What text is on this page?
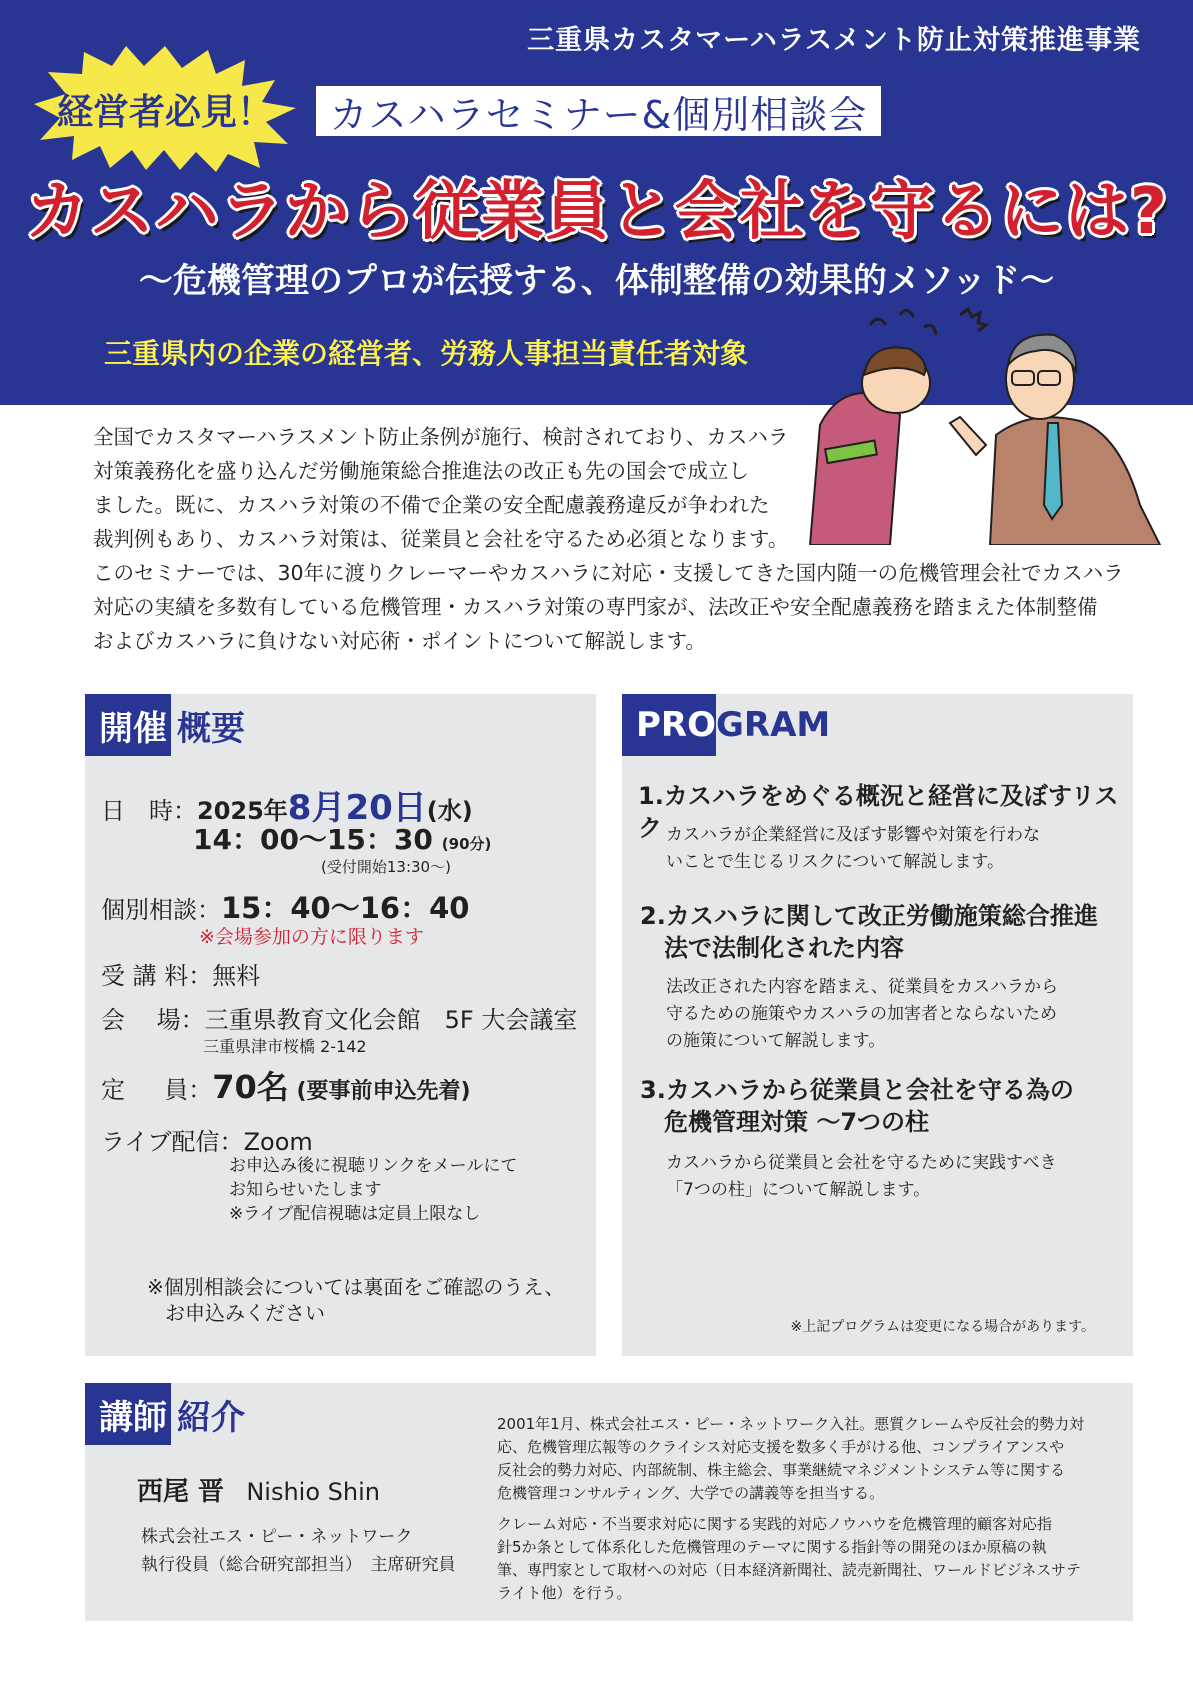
三重県カスタマーハラスメント防止対策推進事業
経営者必見！	カスハラセミナー&個別相談会
カスハラから従業員と会社を守るには?
〜危機管理のプロが伝授する、体制整備の効果的メソッド〜
三重県内の企業の経営者、労務人事担当責任者対象

全国でカスタマーハラスメント防止条例が施行、検討されており、カスハラ

対策義務化を盛り込んだ労働施策総合推進法の改正も先の国会で成立し

ました。既に、カスハラ対策の不備で企業の安全配慮義務違反が争われた

裁判例もあり、カスハラ対策は、従業員と会社を守るため必須となります。

このセミナーでは、30年に渡りクレーマーやカスハラに対応・支援してきた国内随一の危機管理会社でカスハラ

対応の実績を多数有している危機管理・カスハラ対策の専門家が、法改正や安全配慮義務を踏まえた体制整備

およびカスハラに負けない対応術・ポイントについて解説します。

開催 概要
日　時：2025年8月20日(水)
14：00〜15：30 (90分)
(受付開始13:30〜)
個別相談：15：40〜16：40
※会場参加の方に限ります
受 講 料：無料
会　 場：三重県教育文化会館　5F 大会議室
三重県津市桜橋 2-142
定 　 員：70名 (要事前申込先着)
ライブ配信：Zoom
お申込み後に視聴リンクをメールにて
お知らせいたします
※ライブ配信視聴は定員上限なし
※個別相談会については裏面をご確認のうえ、
お申込みください
PRO GRAM
1.カスハラをめぐる概況と経営に及ぼすリスク カスハラが企業経営に及ぼす影響や対策を行わな
いことで生じるリスクについて解説します。
2.カスハラに関して改正労働施策総合推進
法で法制化された内容
法改正された内容を踏まえ、従業員をカスハラから
守るための施策やカスハラの加害者とならないため
の施策について解説します。
3.カスハラから従業員と会社を守る為の
危機管理対策 〜7つの柱
カスハラから従業員と会社を守るために実践すべき
「7つの柱」について解説します。
※上記プログラムは変更になる場合があります。
講師 紹介
西尾 晋 Nishio Shin
株式会社エス・ピー・ネットワーク
執行役員（総合研究部担当）　主席研究員
2001年1月、株式会社エス・ピー・ネットワーク入社。悪質クレームや反社会的勢力対
応、危機管理広報等のクライシス対応支援を数多く手がける他、コンプライアンスや
反社会的勢力対応、内部統制、株主総会、事業継続マネジメントシステム等に関する
危機管理コンサルティング、大学での講義等を担当する。
クレーム対応・不当要求対応に関する実践的対応ノウハウを危機管理的顧客対応指
針5か条として体系化した危機管理のテーマに関する指針等の開発のほか原稿の執
筆、専門家として取材への対応（日本経済新聞社、読売新聞社、ワールドビジネスサテ
ライト他）を行う。
